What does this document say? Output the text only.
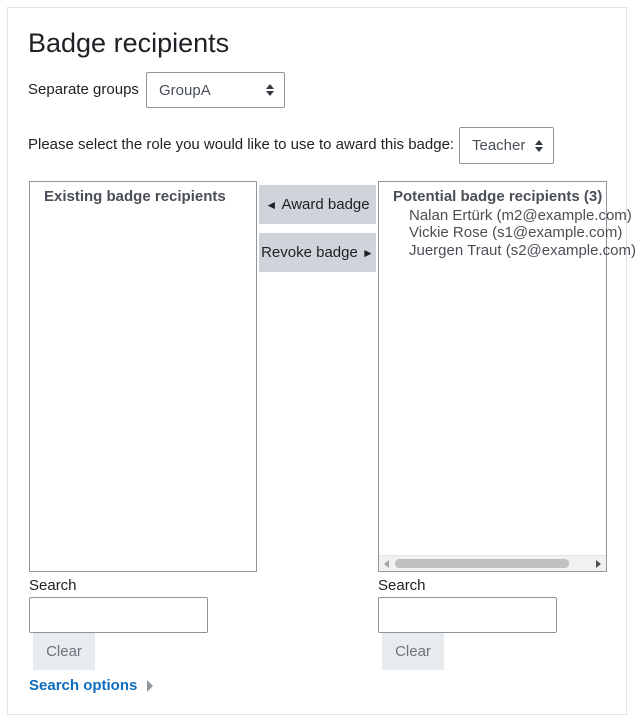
Badge recipients
Separate groups GroupA
Please select the role you would like to use to award this badge: Teacher
Existing badge recipients	◄
Award badge
Revoke badge
►
Potential badge recipients (3)
Nalan Ertürk (m2@example.com)
Vickie Rose (s1@example.com)
Juergen Traut (s2@example.com)
Search
Clear
Search
Clear
Search options
